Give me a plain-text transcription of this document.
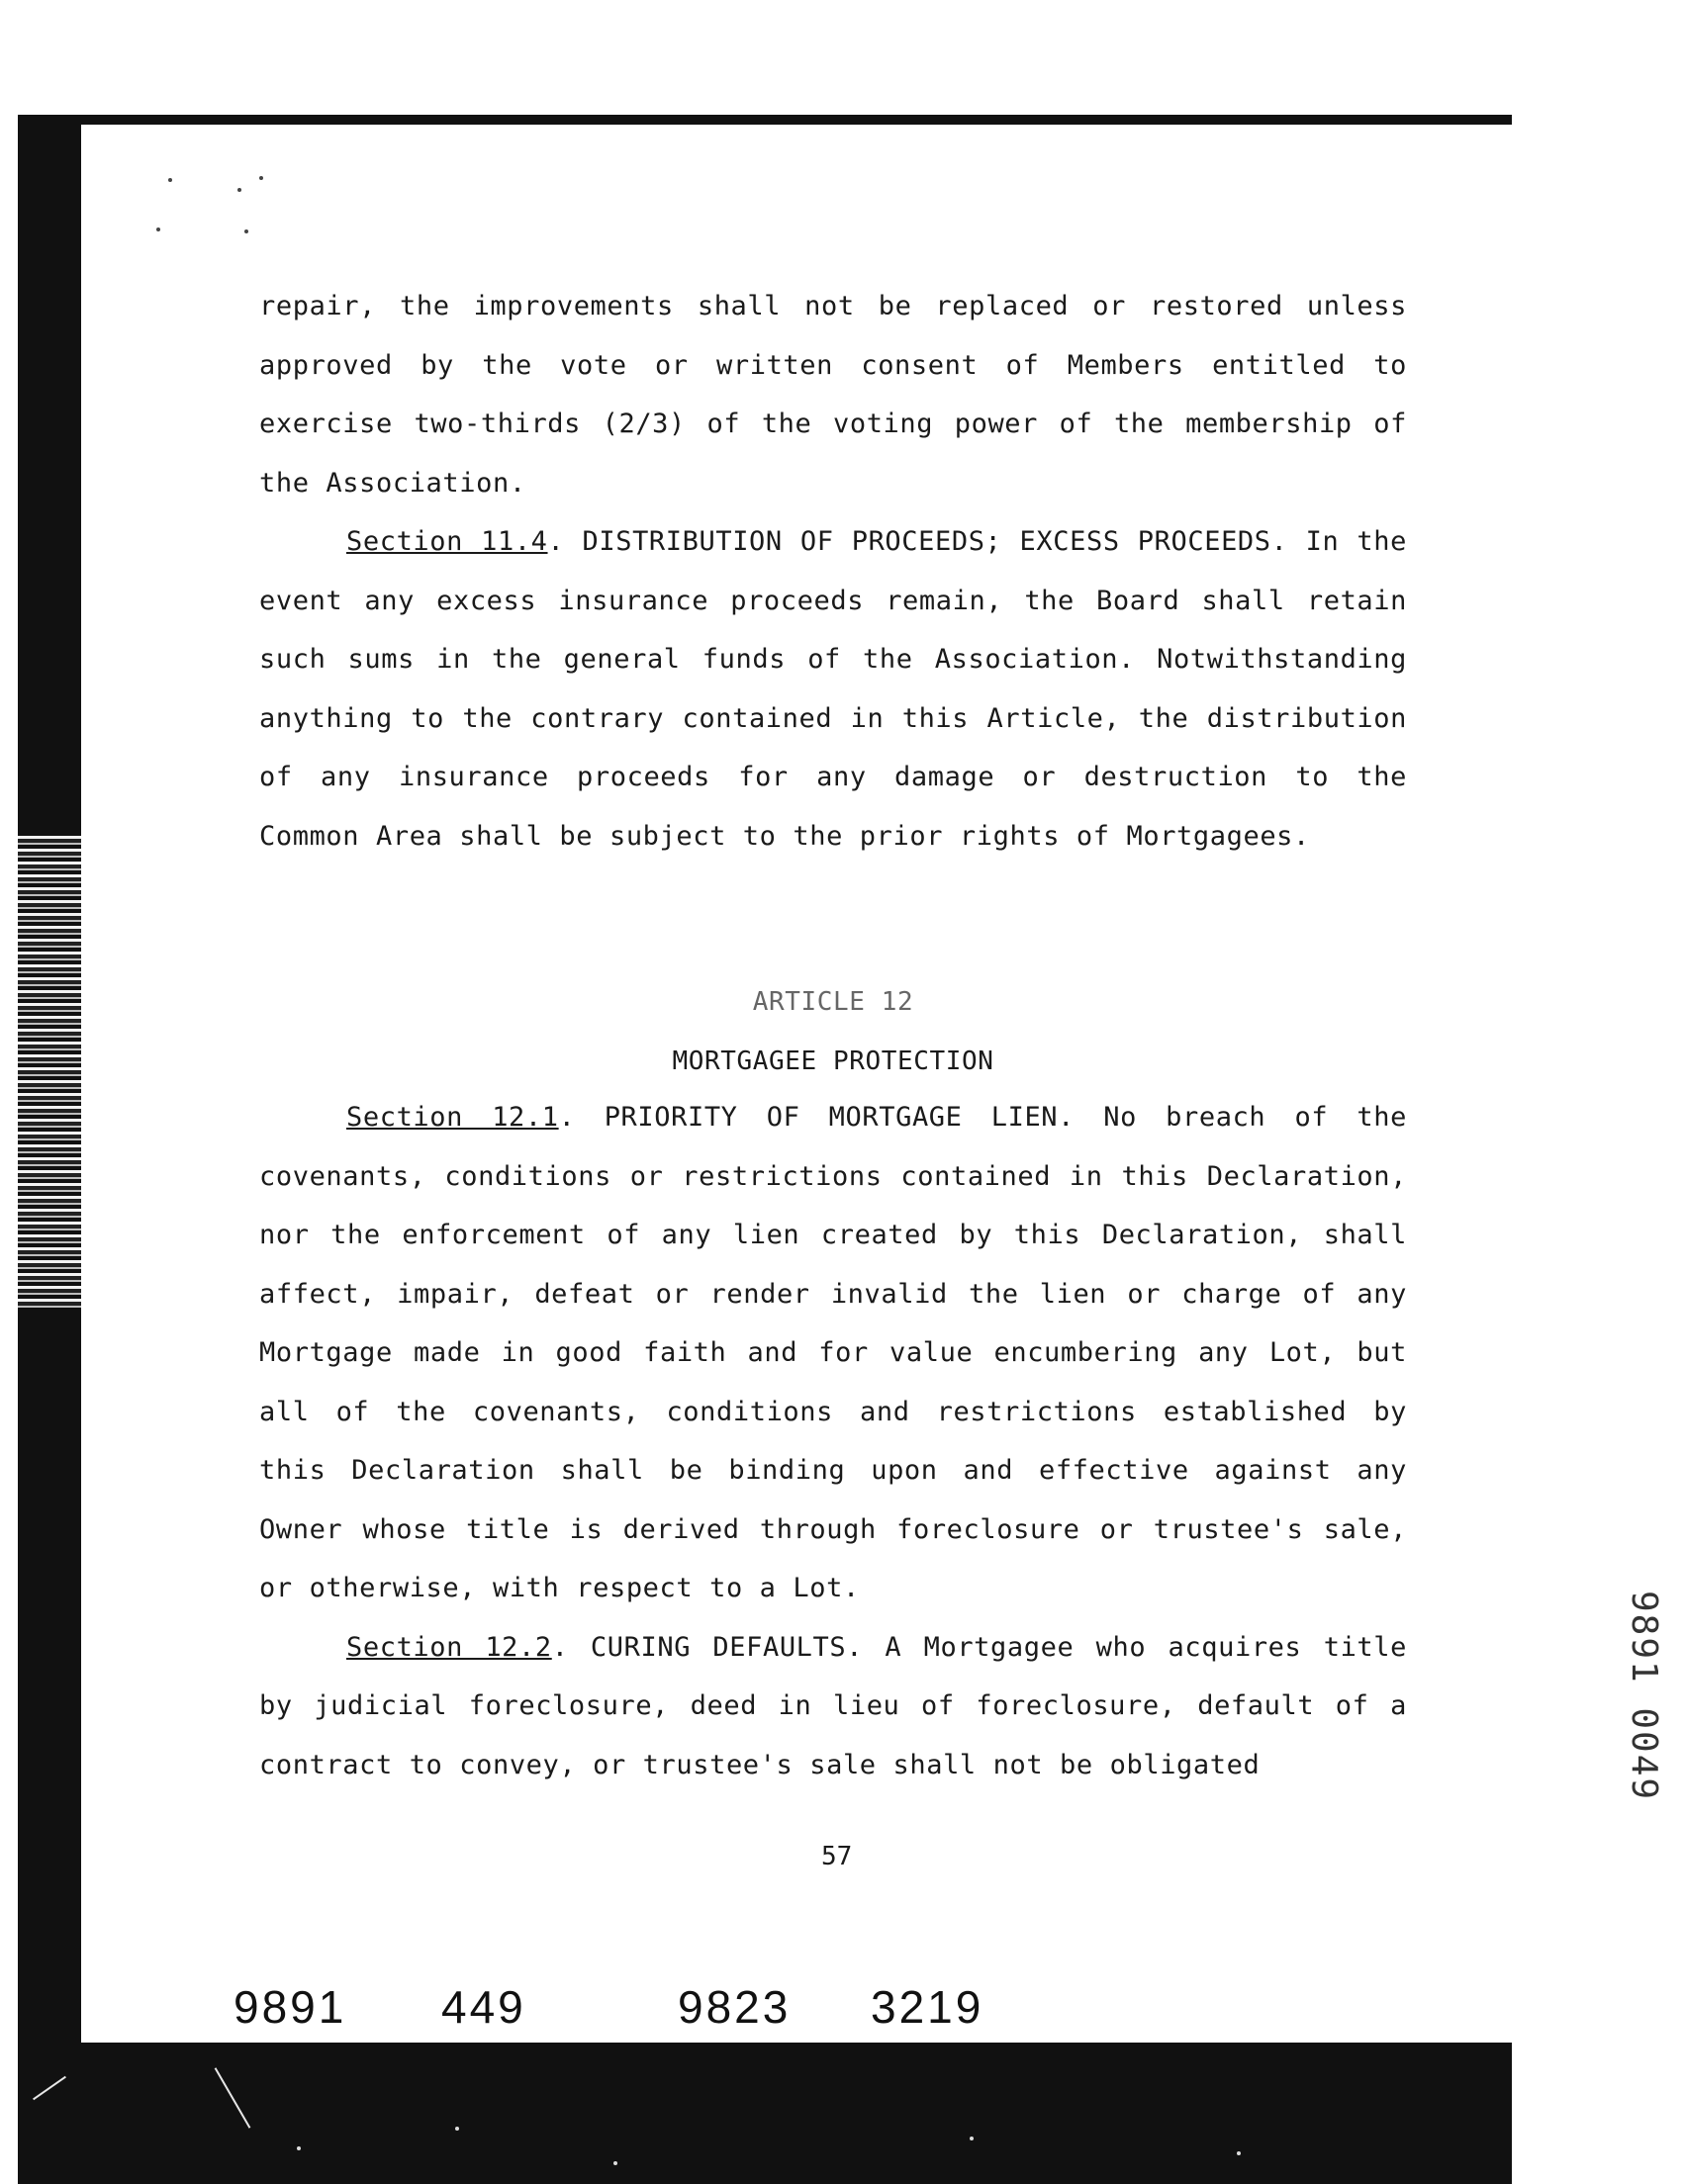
repair, the improvements shall not be replaced or restored unless approved by the vote or written consent of Members entitled to exercise two-thirds (2/3) of the voting power of the membership of the Association.

Section 11.4. DISTRIBUTION OF PROCEEDS; EXCESS PROCEEDS. In the event any excess insurance proceeds remain, the Board shall retain such sums in the general funds of the Association. Notwithstanding anything to the contrary contained in this Article, the distribution of any insurance proceeds for any damage or destruction to the Common Area shall be subject to the prior rights of Mortgagees.

ARTICLE 12
MORTGAGEE PROTECTION

Section 12.1. PRIORITY OF MORTGAGE LIEN. No breach of the covenants, conditions or restrictions contained in this Declaration, nor the enforcement of any lien created by this Declaration, shall affect, impair, defeat or render invalid the lien or charge of any Mortgage made in good faith and for value encumbering any Lot, but all of the covenants, conditions and restrictions established by this Declaration shall be binding upon and effective against any Owner whose title is derived through foreclosure or trustee's sale, or otherwise, with respect to a Lot.

Section 12.2. CURING DEFAULTS. A Mortgagee who acquires title by judicial foreclosure, deed in lieu of foreclosure, default of a contract to convey, or trustee's sale shall not be obligated

57
9891 0049
9891 449	9823 3219
